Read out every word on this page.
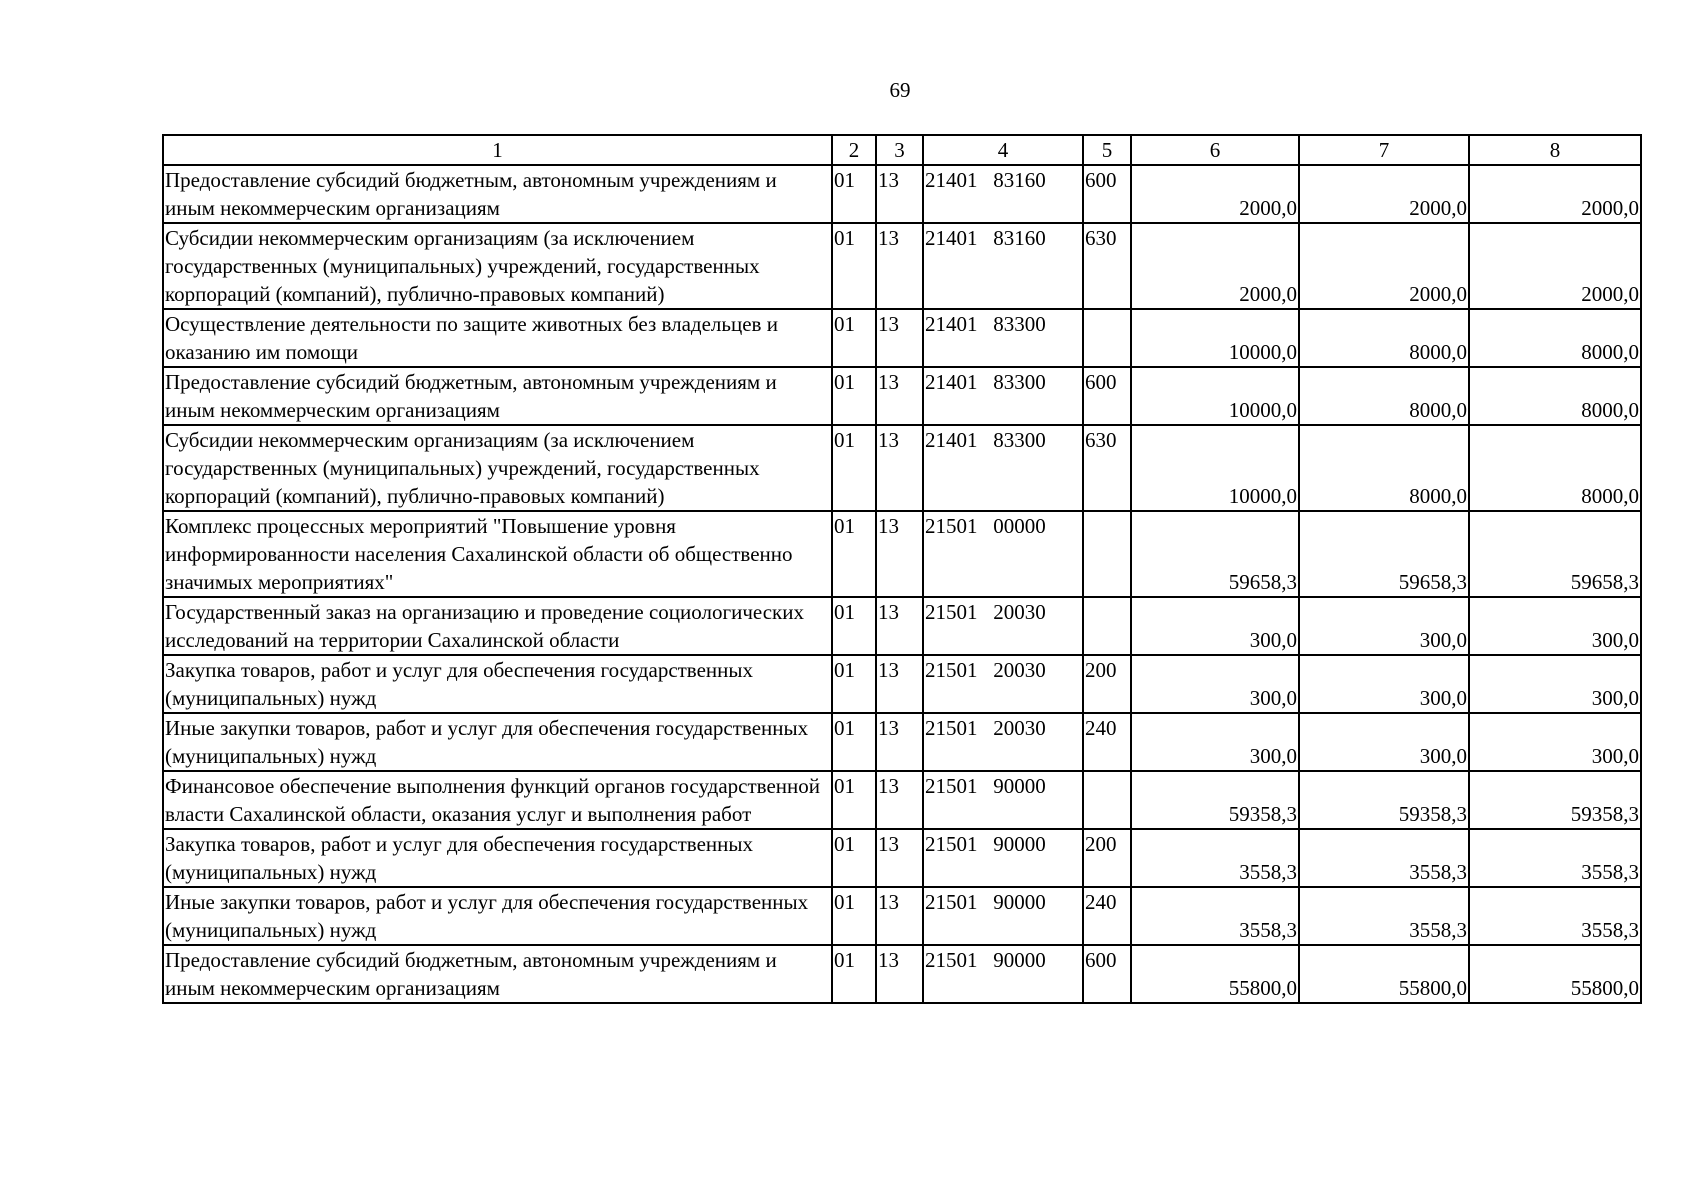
69
1	2	3	4	5	6	7	8
Предоставление субсидий бюджетным, автономным учреждениям и иным некоммерческим организациям	01	13	21401   83160	600	2000,0	2000,0	2000,0
Субсидии некоммерческим организациям (за исключением государственных (муниципальных) учреждений, государственных корпораций (компаний), публично-правовых компаний)	01	13	21401   83160	630	2000,0	2000,0	2000,0
Осуществление деятельности по защите животных без владельцев и оказанию им помощи	01	13	21401   83300		10000,0	8000,0	8000,0
Предоставление субсидий бюджетным, автономным учреждениям и иным некоммерческим организациям	01	13	21401   83300	600	10000,0	8000,0	8000,0
Субсидии некоммерческим организациям (за исключением государственных (муниципальных) учреждений, государственных корпораций (компаний), публично-правовых компаний)	01	13	21401   83300	630	10000,0	8000,0	8000,0
Комплекс процессных мероприятий "Повышение уровня информированности населения Сахалинской области об общественно значимых мероприятиях"	01	13	21501   00000		59658,3	59658,3	59658,3
Государственный заказ на организацию и проведение социологических исследований на территории Сахалинской области	01	13	21501   20030		300,0	300,0	300,0
Закупка товаров, работ и услуг для обеспечения государственных (муниципальных) нужд	01	13	21501   20030	200	300,0	300,0	300,0
Иные закупки товаров, работ и услуг для обеспечения государственных (муниципальных) нужд	01	13	21501   20030	240	300,0	300,0	300,0
Финансовое обеспечение выполнения функций органов государственной власти Сахалинской области, оказания услуг и выполнения работ	01	13	21501   90000		59358,3	59358,3	59358,3
Закупка товаров, работ и услуг для обеспечения государственных (муниципальных) нужд	01	13	21501   90000	200	3558,3	3558,3	3558,3
Иные закупки товаров, работ и услуг для обеспечения государственных (муниципальных) нужд	01	13	21501   90000	240	3558,3	3558,3	3558,3
Предоставление субсидий бюджетным, автономным учреждениям и иным некоммерческим организациям	01	13	21501   90000	600	55800,0	55800,0	55800,0
